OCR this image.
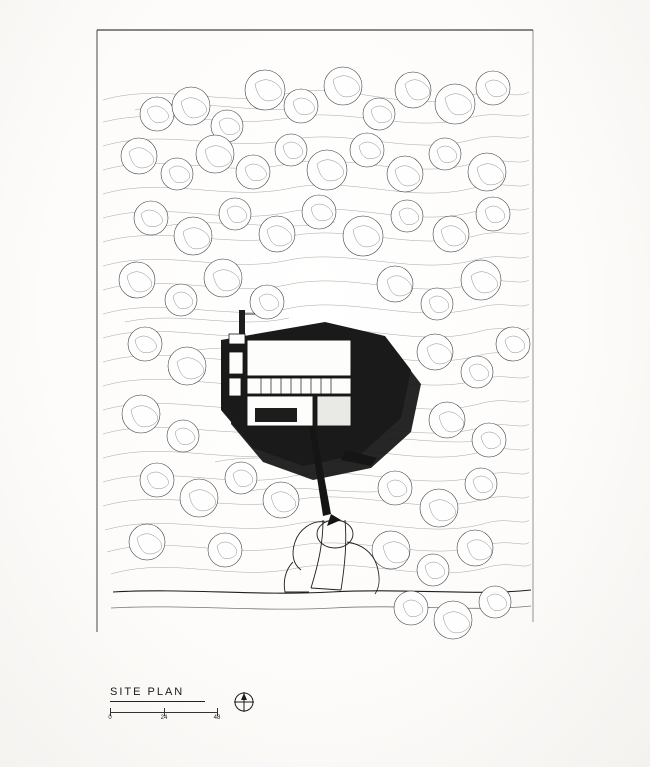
SITE PLAN
0	24	48
